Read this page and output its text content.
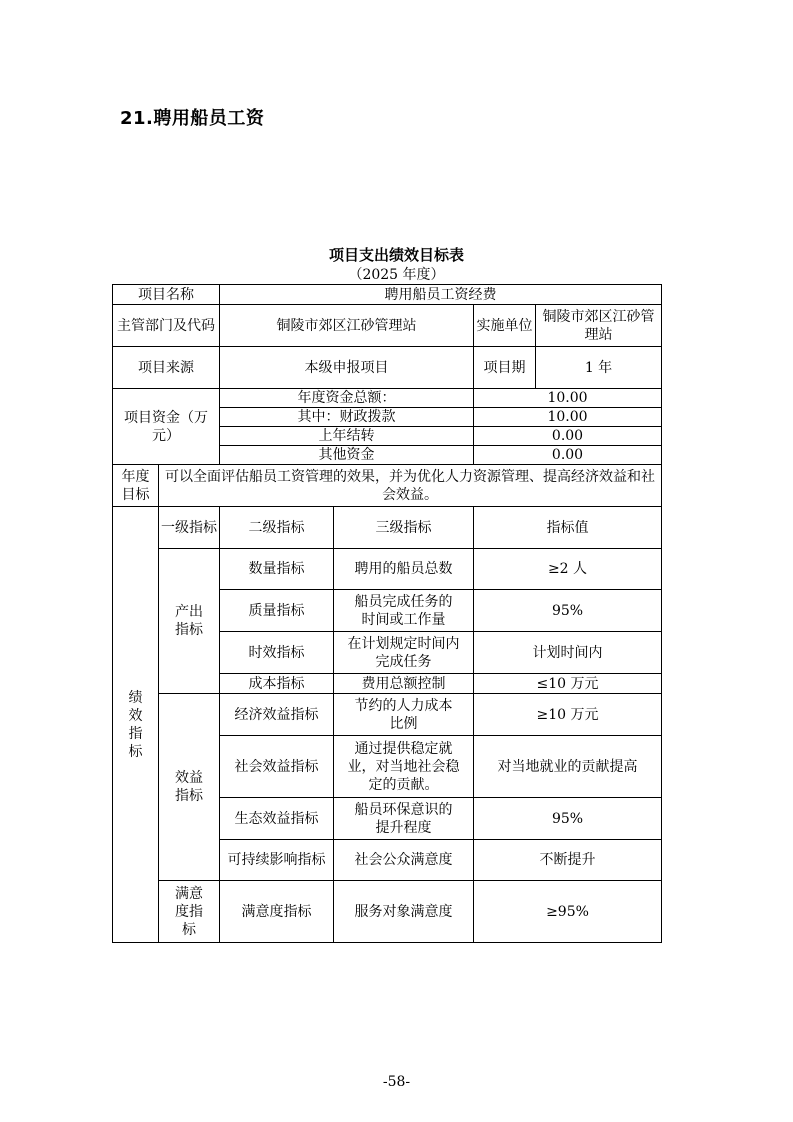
21.聘用船员工资
项目支出绩效目标表
（2025 年度）
项目名称		聘用船员工资经费			
主管部门及代码		铜陵市郊区江砂管理站		实施单位	铜陵市郊区江砂管理站
项目来源		本级申报项目		项目期	1 年
项目资金（万元）		年度资金总额：		10.00	
		其中：财政拨款		10.00	
		上年结转		0.00	
		其他资金		0.00	
年度目标	可以全面评估船员工资管理的效果，并为优化人力资源管理、提高经济效益和社会效益。				
绩效指标	一级指标	二级指标	三级指标	指标值	
	产出指标	数量指标	聘用的船员总数	≥2 人	
		质量指标	船员完成任务的时间或工作量	95%	
		时效指标	在计划规定时间内完成任务	计划时间内	
		成本指标	费用总额控制	≤10 万元	
	效益指标	经济效益指标	节约的人力成本比例	≥10 万元	
		社会效益指标	通过提供稳定就业，对当地社会稳定的贡献。	对当地就业的贡献提高	
		生态效益指标	船员环保意识的提升程度	95%	
		可持续影响指标	社会公众满意度	不断提升	
	满意度指标	满意度指标	服务对象满意度	≥95%	
-58-
